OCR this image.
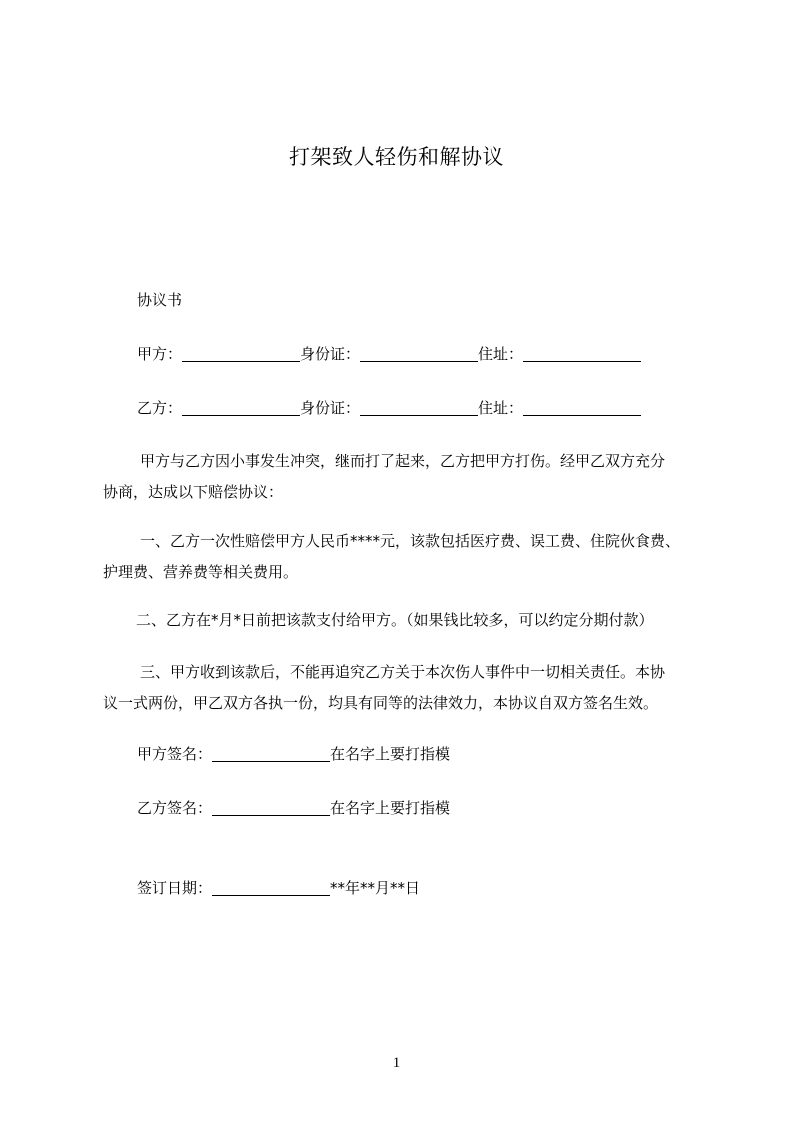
打架致人轻伤和解协议
协议书
甲方：	身份证：	住址：
乙方：	身份证：	住址：

甲方与乙方因小事发生冲突，继而打了起来，乙方把甲方打伤。经甲乙双方充分

协商，达成以下赔偿协议：

一、乙方一次性赔偿甲方人民币****元，该款包括医疗费、误工费、住院伙食费、

护理费、营养费等相关费用。

二、乙方在*月*日前把该款支付给甲方。（如果钱比较多，可以约定分期付款）

三、甲方收到该款后，不能再追究乙方关于本次伤人事件中一切相关责任。本协

议一式两份，甲乙双方各执一份，均具有同等的法律效力，本协议自双方签名生效。

甲方签名：	在名字上要打指模
乙方签名：	在名字上要打指模
签订日期：	**年**月**日
1
